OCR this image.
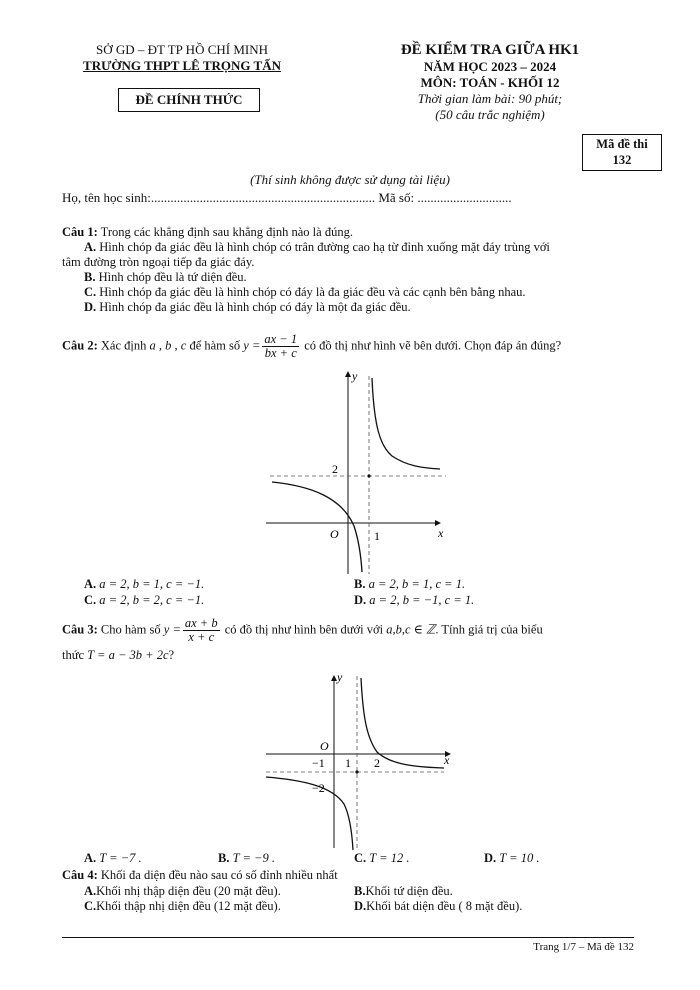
SỞ GD – ĐT TP HỒ CHÍ MINH
TRƯỜNG THPT LÊ TRỌNG TẤN
ĐỀ CHÍNH THỨC
ĐỀ KIỂM TRA GIỮA HK1
NĂM HỌC 2023 – 2024
MÔN: TOÁN - KHỐI 12
Thời gian làm bài: 90 phút;
(50 câu trắc nghiệm)
Mã đề thi
132
(Thí sinh không được sử dụng tài liệu)
Họ, tên học sinh:..................................................................... Mã số: .............................
Câu 1: Trong các khẳng định sau khẳng định nào là đúng.
A. Hình chóp đa giác đều là hình chóp có trân đường cao hạ từ đỉnh xuống mặt đáy trùng với
tâm đường tròn ngoại tiếp đa giác đáy.
B. Hình chóp đều là tứ diện đều.
C. Hình chóp đa giác đều là hình chóp có đáy là đa giác đều và các cạnh bên bằng nhau.
D. Hình chóp đa giác đều là hình chóp có đáy là một đa giác đều.
Câu 2: Xác định a , b , c để hàm số $y = \frac{ax - 1}{bx + c}$ có đồ thị như hình vẽ bên dưới. Chọn đáp án đúng?
y
x
O	1
2
A. a = 2, b = 1, c = −1.	B. a = 2, b = 1, c = 1.
C. a = 2, b = 2, c = −1.	D. a = 2, b = −1, c = 1.
Câu 3: Cho hàm số $y = \frac{ax + b}{x + c}$ có đồ thị như hình bên dưới với a,b,c ∈ ℤ. Tính giá trị của biểu
thức T = a − 3b + 2c?
y
x
O
−1 1 2
−2
A. T = −7 .	B. T = −9 .	C. T = 12 .	D. T = 10 .
Câu 4: Khối đa diện đều nào sau có số đỉnh nhiều nhất
A. Khối nhị thập diện đều (20 mặt đều).	B. Khối tứ diện đều.
C. Khối thập nhị diện đều (12 mặt đều).	D. Khối bát diện đều ( 8 mặt đều).
Trang 1/7 – Mã đề 132
